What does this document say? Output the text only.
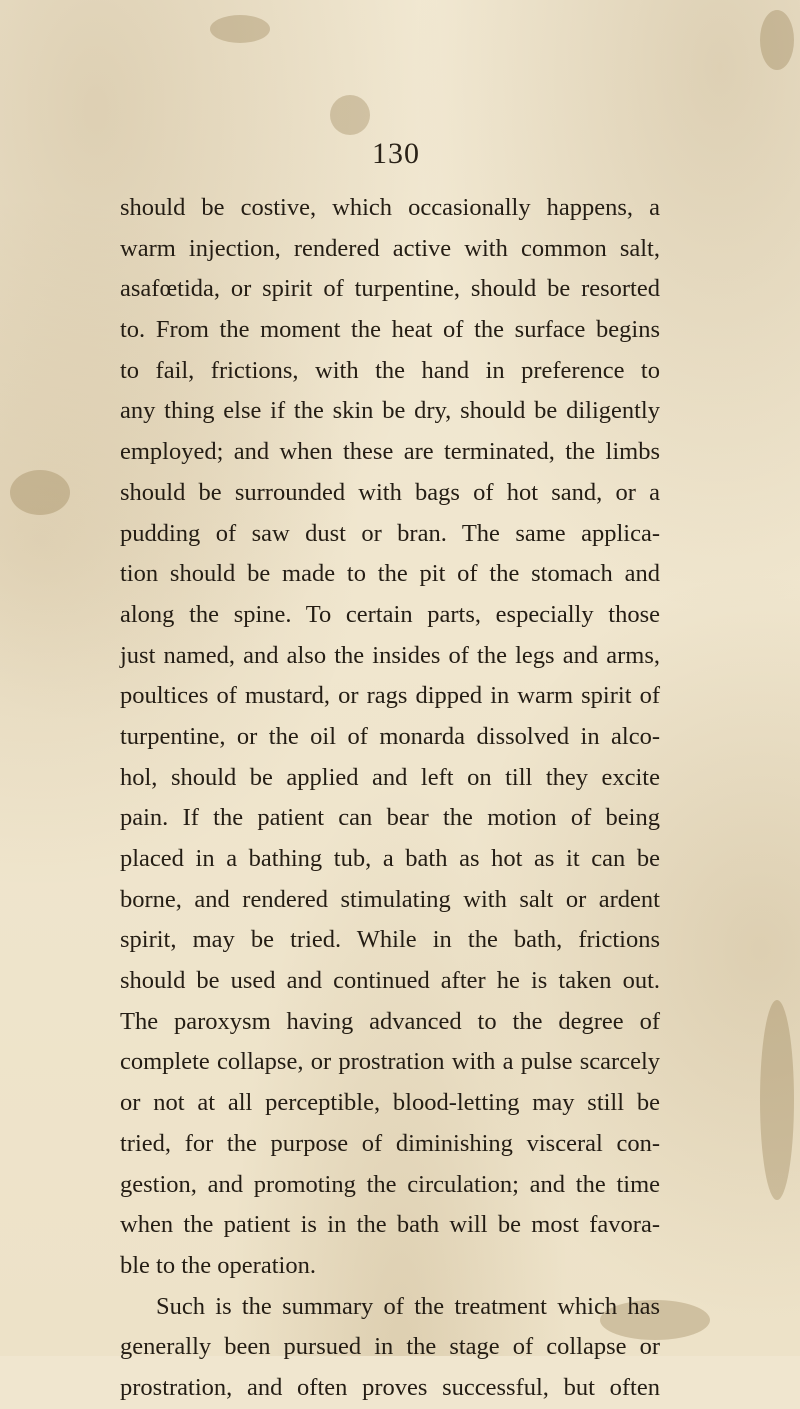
130
should be costive, which occasionally happens, a
warm injection, rendered active with common salt,
asafœtida, or spirit of turpentine, should be resorted
to. From the moment the heat of the surface begins
to fail, frictions, with the hand in preference to
any thing else if the skin be dry, should be diligently
employed; and when these are terminated, the limbs
should be surrounded with bags of hot sand, or a
pudding of saw dust or bran. The same applica-
tion should be made to the pit of the stomach and
along the spine. To certain parts, especially those
just named, and also the insides of the legs and arms,
poultices of mustard, or rags dipped in warm spirit of
turpentine, or the oil of monarda dissolved in alco-
hol, should be applied and left on till they excite
pain. If the patient can bear the motion of being
placed in a bathing tub, a bath as hot as it can be
borne, and rendered stimulating with salt or ardent
spirit, may be tried. While in the bath, frictions
should be used and continued after he is taken out.
The paroxysm having advanced to the degree of
complete collapse, or prostration with a pulse scarcely
or not at all perceptible, blood-letting may still be
tried, for the purpose of diminishing visceral con-
gestion, and promoting the circulation; and the time
when the patient is in the bath will be most favora-
ble to the operation.
Such is the summary of the treatment which has
generally been pursued in the stage of collapse or
prostration, and often proves successful, but often
